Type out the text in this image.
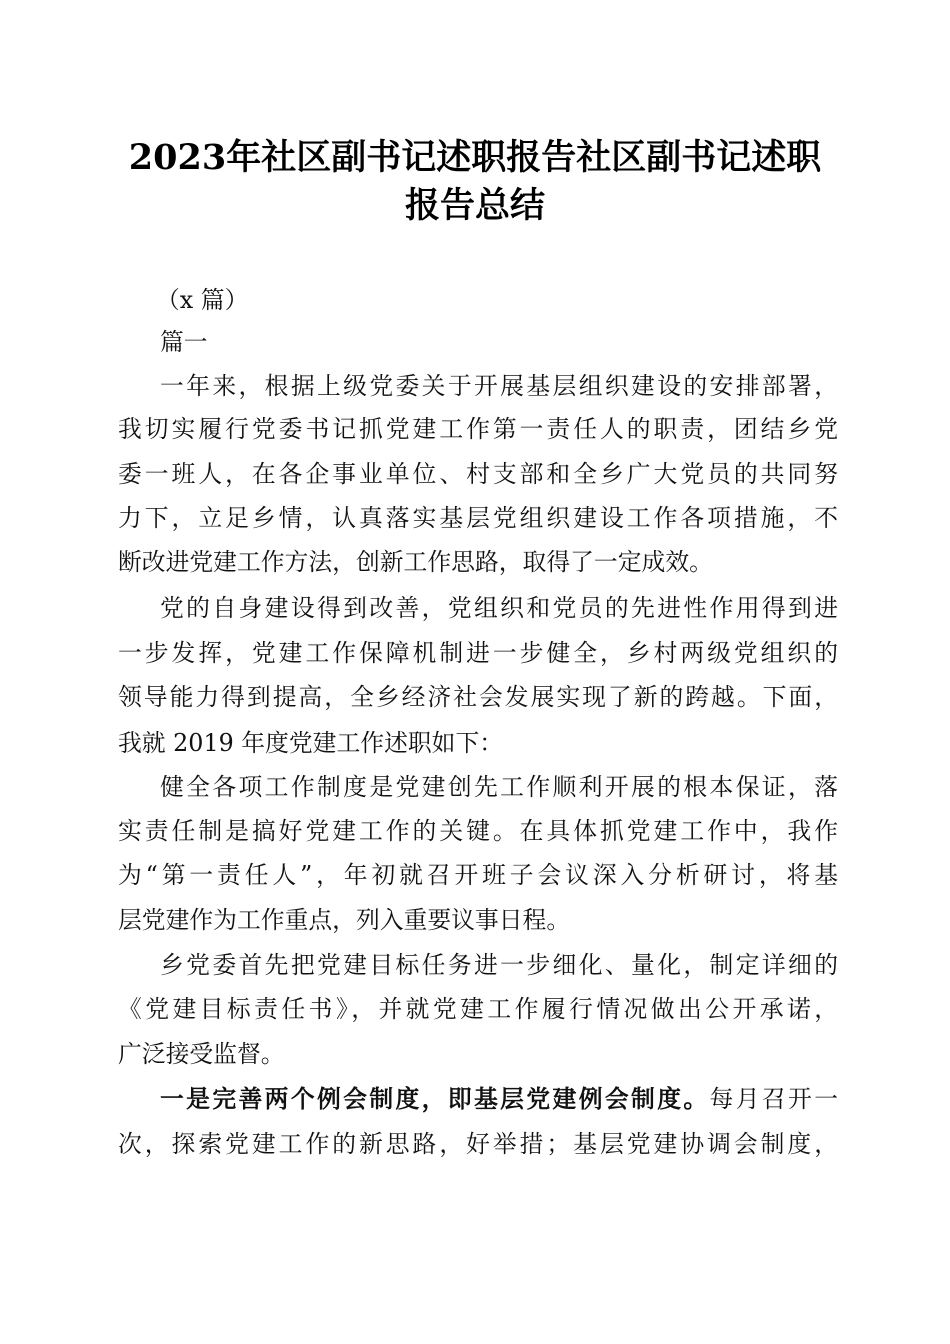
2023年社区副书记述职报告社区副书记述职
报告总结
（x 篇）
篇一
一年来，根据上级党委关于开展基层组织建设的安排部署，
我切实履行党委书记抓党建工作第一责任人的职责，团结乡党
委一班人，在各企事业单位、村支部和全乡广大党员的共同努
力下，立足乡情，认真落实基层党组织建设工作各项措施，不
断改进党建工作方法，创新工作思路，取得了一定成效。
党的自身建设得到改善，党组织和党员的先进性作用得到进
一步发挥，党建工作保障机制进一步健全，乡村两级党组织的
领导能力得到提高，全乡经济社会发展实现了新的跨越。下面，
我就 2019 年度党建工作述职如下：
健全各项工作制度是党建创先工作顺利开展的根本保证，落
实责任制是搞好党建工作的关键。在具体抓党建工作中，我作
为“第一责任人”，年初就召开班子会议深入分析研讨，将基
层党建作为工作重点，列入重要议事日程。
乡党委首先把党建目标任务进一步细化、量化，制定详细的
《党建目标责任书》，并就党建工作履行情况做出公开承诺，
广泛接受监督。
一是完善两个例会制度，即基层党建例会制度。每月召开一
次，探索党建工作的新思路，好举措；基层党建协调会制度，
